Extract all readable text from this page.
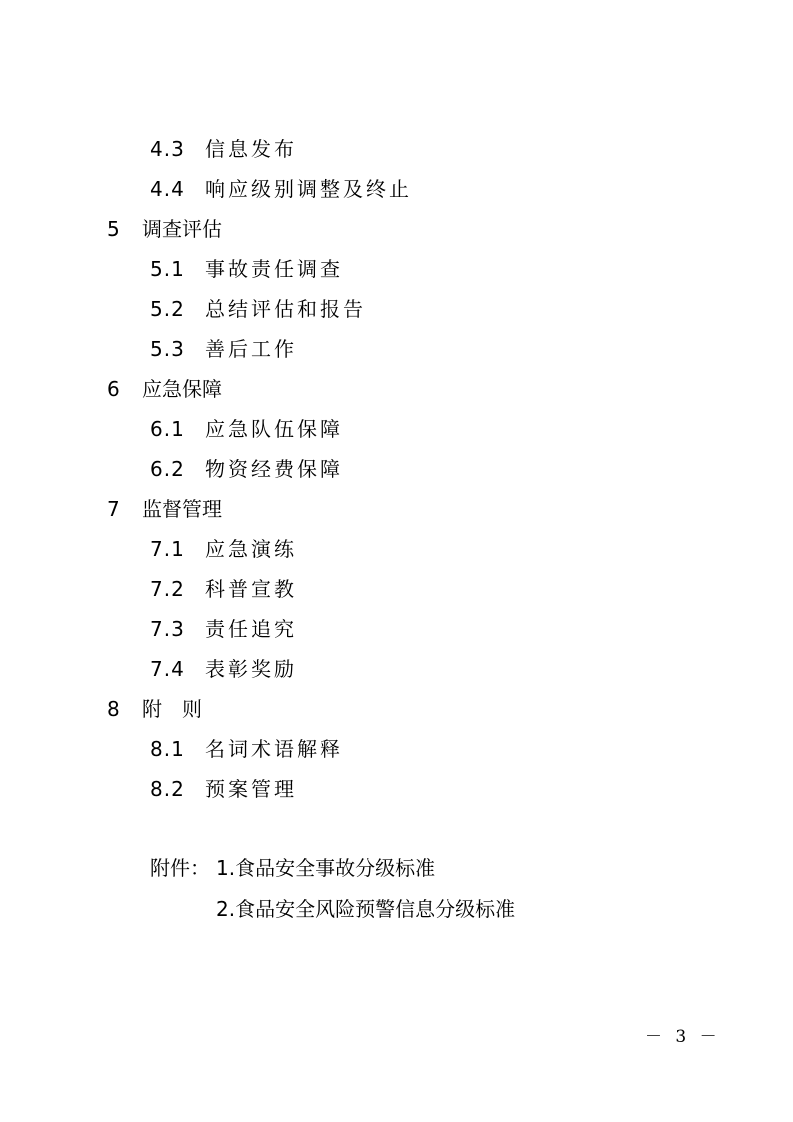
4.3 信息发布
4.4 响应级别调整及终止
5 调查评估
5.1 事故责任调查
5.2 总结评估和报告
5.3 善后工作
6 应急保障
6.1 应急队伍保障
6.2 物资经费保障
7 监督管理
7.1 应急演练
7.2 科普宣教
7.3 责任追究
7.4 表彰奖励
8 附　则
8.1 名词术语解释
8.2 预案管理
附件： 1.食品安全事故分级标准
2.食品安全风险预警信息分级标准
－ 3 －
